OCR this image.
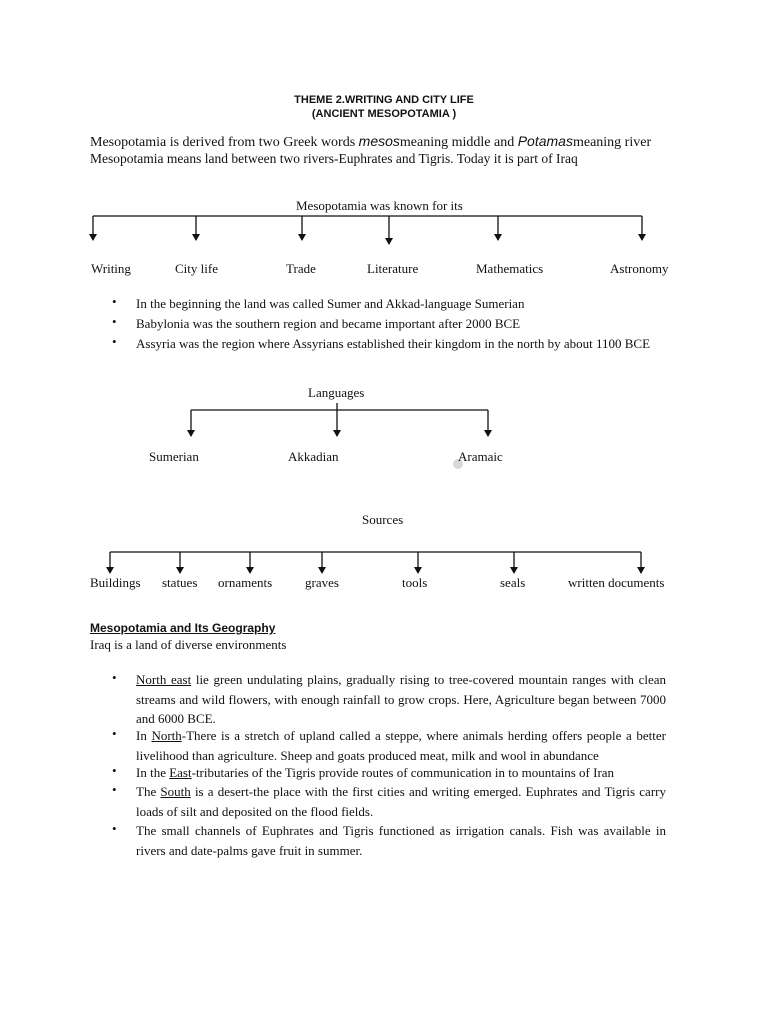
THEME 2.WRITING AND CITY LIFE
(ANCIENT MESOPOTAMIA )
Mesopotamia is derived from two Greek words mesosmeaning middle and Potamasmeaning river
Mesopotamia means land between two rivers-Euphrates and Tigris. Today it is part of Iraq
Mesopotamia was known for its
Writing	City life	Trade	Literature	Mathematics	Astronomy
• In the beginning the land was called Sumer and Akkad-language Sumerian
• Babylonia was the southern region and became important after 2000 BCE
• Assyria was the region where Assyrians established their kingdom in the north by about 1100 BCE
Languages
Sumerian	Akkadian	Aramaic
Sources
Buildings statues ornaments	graves	tools	seals	written documents
Mesopotamia and Its Geography
Iraq is a land of diverse environments
• North east lie green undulating plains, gradually rising to tree-covered mountain ranges with clean streams and wild flowers, with enough rainfall to grow crops. Here, Agriculture began between 7000 and 6000 BCE.
• In North-There is a stretch of upland called a steppe, where animals herding offers people a better livelihood than agriculture. Sheep and goats produced meat, milk and wool in abundance
• In the East-tributaries of the Tigris provide routes of communication in to mountains of Iran
• The South is a desert-the place with the first cities and writing emerged. Euphrates and Tigris carry loads of silt and deposited on the flood fields.
• The small channels of Euphrates and Tigris functioned as irrigation canals. Fish was available in rivers and date-palms gave fruit in summer.
